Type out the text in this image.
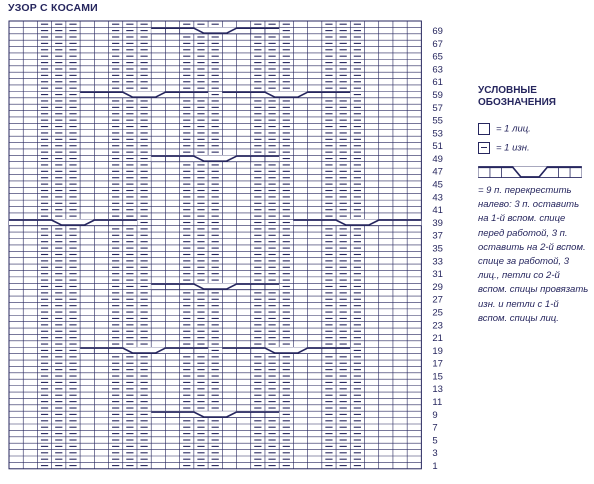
УЗОР С КОСАМИ
69
67
65
63
61
59
57
55
53
51
49
47
45
43
41
39
37
35
33
31
29
27
25
23
21
19
17
15
13
11
9
7
5
3
1
УСЛОВНЫЕ
ОБОЗНАЧЕНИЯ
= 1 лиц.
= 1 изн.
= 9 п. перекрестить налево: 3 п. оставить на 1-й вспом. спице перед работой, 3 п. оставить на 2-й вспом. спице за работой, 3 лиц., петли со 2-й вспом. спицы провязать изн. и петли с 1-й вспом. спицы лиц.
